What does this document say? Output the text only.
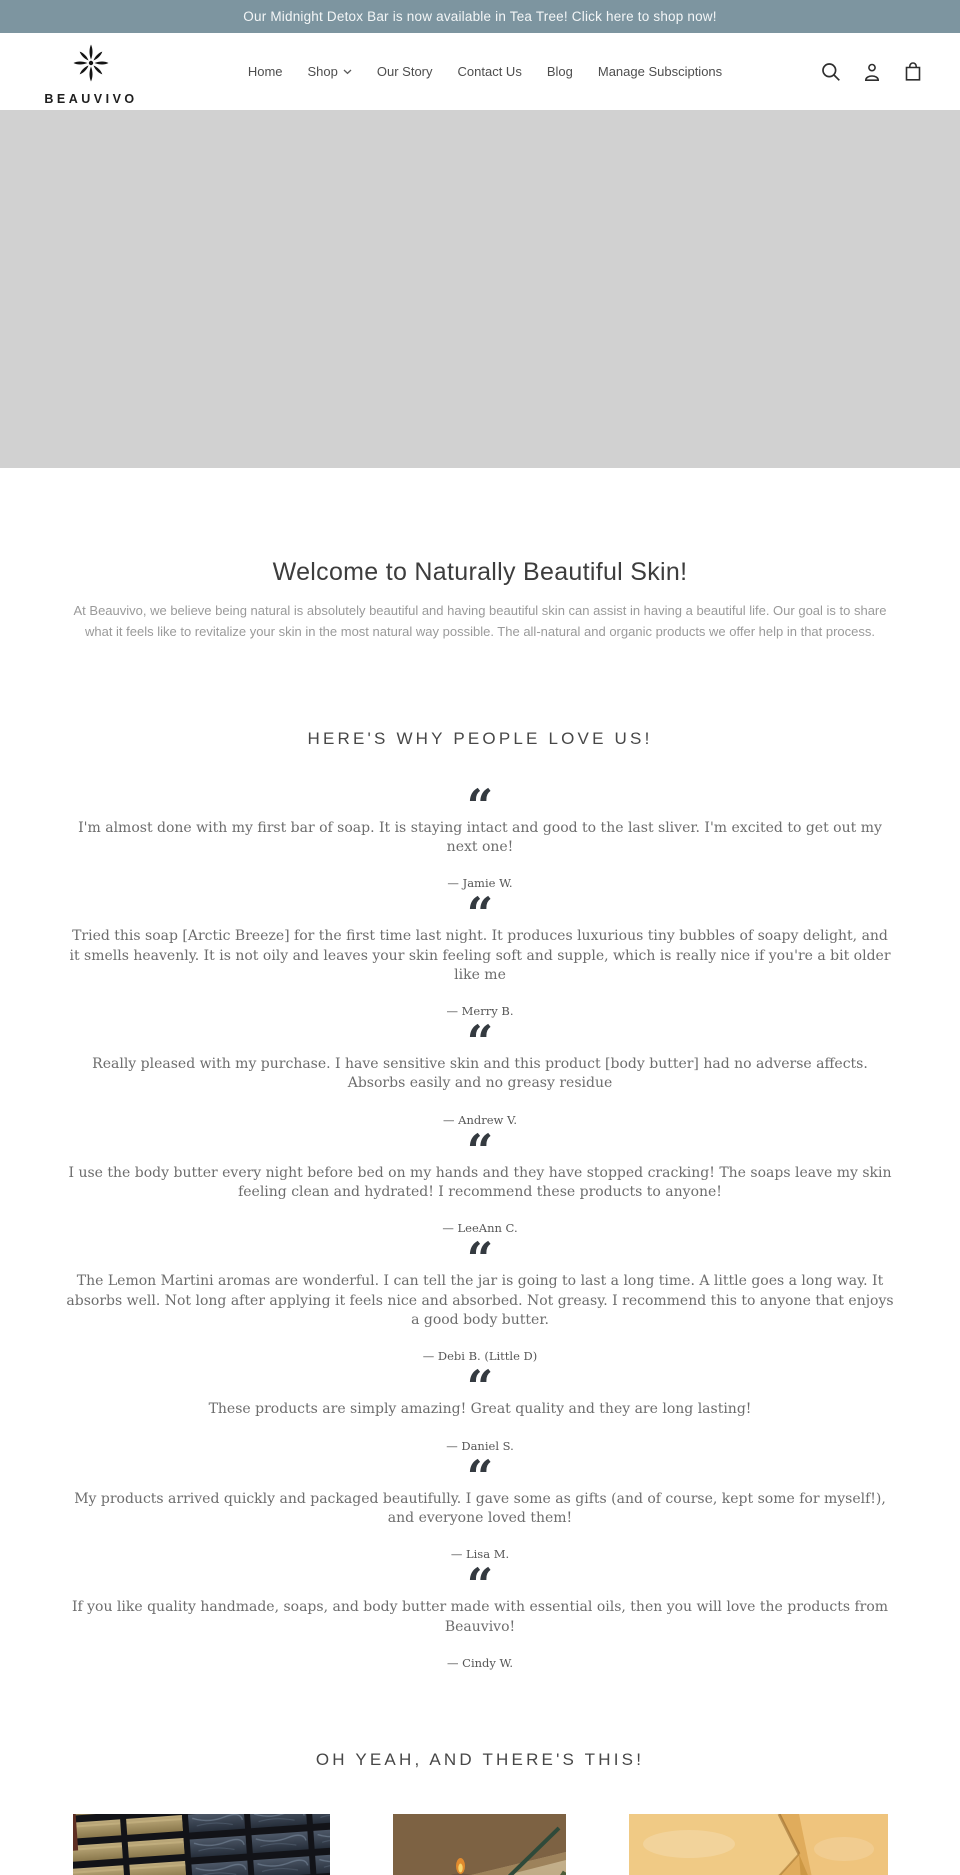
Our Midnight Detox Bar is now available in Tea Tree! Click here to shop now!
BEAUVIVO
Home Shop	Our Story Contact Us Blog Manage Subsciptions
Welcome to Naturally Beautiful Skin!

At Beauvivo, we believe being natural is absolutely beautiful and having beautiful skin can assist in having a beautiful life. Our goal is to share what it feels like to revitalize your skin in the most natural way possible. The all-natural and organic products we offer help in that process.

HERE'S WHY PEOPLE LOVE US!
“
I'm almost done with my first bar of soap. It is staying intact and good to the last sliver. I'm excited to get out my next one!
— Jamie W.
“
Tried this soap [Arctic Breeze] for the first time last night. It produces luxurious tiny bubbles of soapy delight, and it smells heavenly. It is not oily and leaves your skin feeling soft and supple, which is really nice if you're a bit older like me
— Merry B.
“
Really pleased with my purchase. I have sensitive skin and this product [body butter] had no adverse affects. Absorbs easily and no greasy residue
— Andrew V.
“
I use the body butter every night before bed on my hands and they have stopped cracking! The soaps leave my skin feeling clean and hydrated! I recommend these products to anyone!
— LeeAnn C.
“
The Lemon Martini aromas are wonderful. I can tell the jar is going to last a long time. A little goes a long way. It absorbs well. Not long after applying it feels nice and absorbed. Not greasy. I recommend this to anyone that enjoys a good body butter.
— Debi B. (Little D)
“
These products are simply amazing! Great quality and they are long lasting!
— Daniel S.
“
My products arrived quickly and packaged beautifully. I gave some as gifts (and of course, kept some for myself!), and everyone loved them!
— Lisa M.
“
If you like quality handmade, soaps, and body butter made with essential oils, then you will love the products from Beauvivo!
— Cindy W.
OH YEAH, AND THERE'S THIS!
